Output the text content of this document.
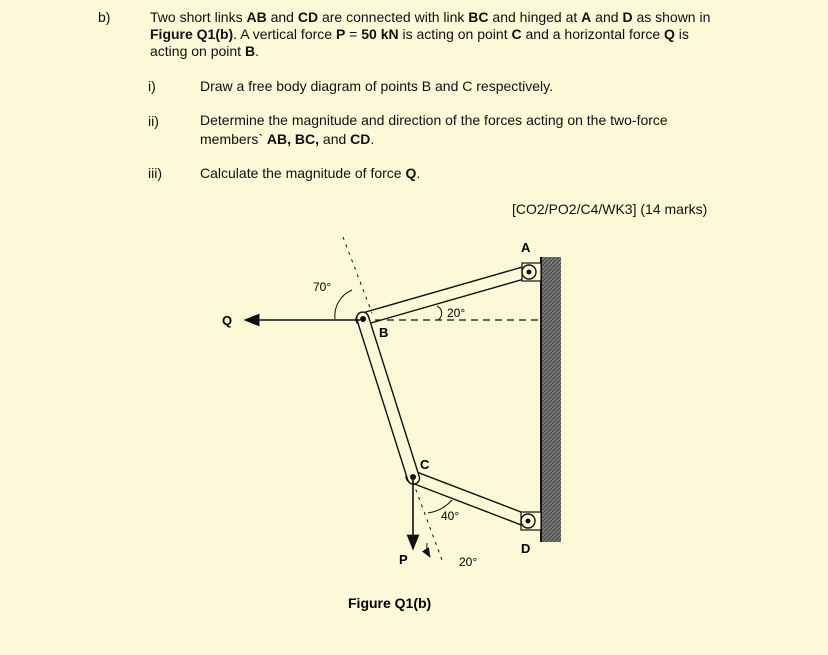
b)	Two short links AB and CD are connected with link BC and hinged at A and D as shown in Figure Q1(b). A vertical force P = 50 kN is acting on point C and a horizontal force Q is acting on point B.
i)	Draw a free body diagram of points B and C respectively.
ii)	Determine the magnitude and direction of the forces acting on the two-force members` AB, BC, and CD.
iii)	Calculate the magnitude of force Q.
[CO2/PO2/C4/WK3] (14 marks)
A
B
C
D
P
Q
70°
20°
40°
20°
Figure Q1(b)
